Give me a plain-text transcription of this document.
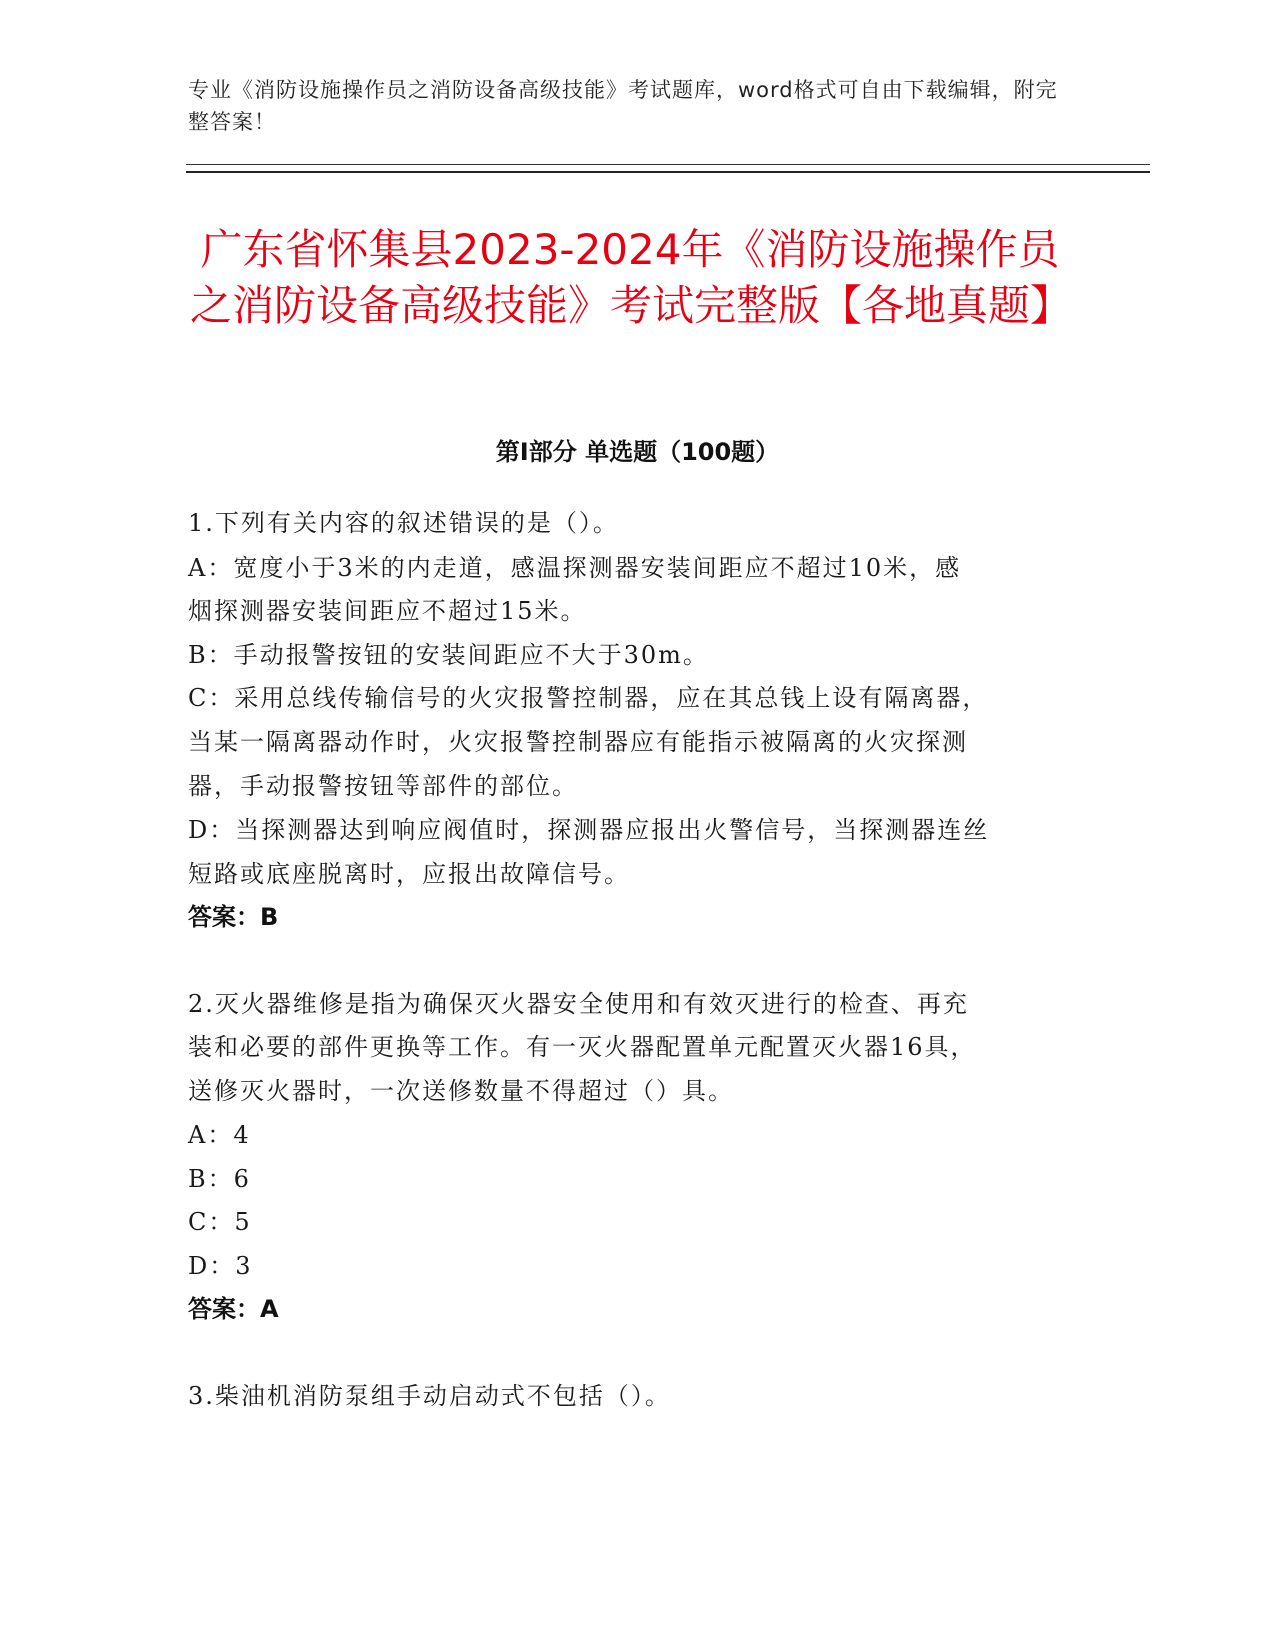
专业《消防设施操作员之消防设备高级技能》考试题库，word格式可自由下载编辑，附完整答案！
广东省怀集县2023-2024年《消防设施操作员之消防设备高级技能》考试完整版【各地真题】
第I部分 单选题（100题）
1.下列有关内容的叙述错误的是（）。
A：宽度小于3米的内走道，感温探测器安装间距应不超过10米，感
烟探测器安装间距应不超过15米。
B：手动报警按钮的安装间距应不大于30m。
C：采用总线传输信号的火灾报警控制器，应在其总钱上设有隔离器，
当某一隔离器动作时，火灾报警控制器应有能指示被隔离的火灾探测
器，手动报警按钮等部件的部位。
D：当探测器达到响应阀值时，探测器应报出火警信号，当探测器连丝
短路或底座脱离时，应报出故障信号。
答案：B
2.灭火器维修是指为确保灭火器安全使用和有效灭进行的检查、再充
装和必要的部件更换等工作。有一灭火器配置单元配置灭火器16具，
送修灭火器时，一次送修数量不得超过（）具。
A：4
B：6
C：5
D：3
答案：A
3.柴油机消防泵组手动启动式不包括（）。
